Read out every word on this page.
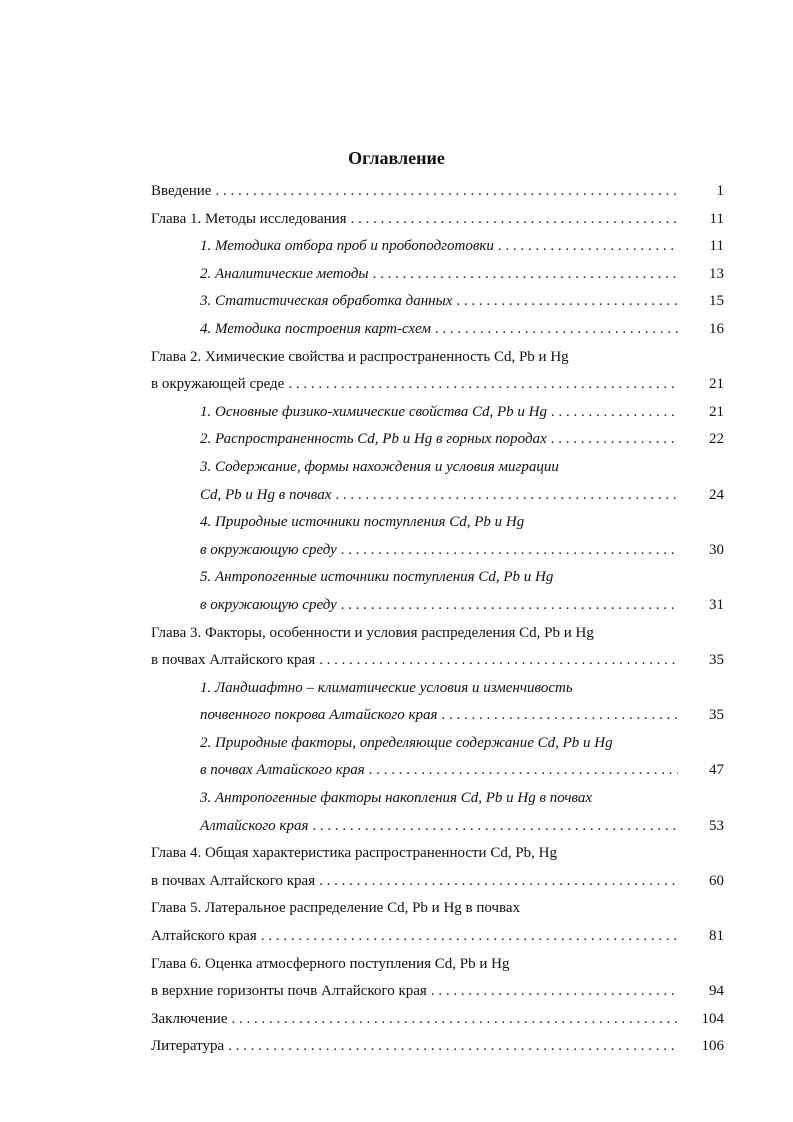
Оглавление
Введение . . .	1
Глава 1. Методы исследования . . .	11
1. Методика отбора проб и пробоподготовки . . .	11
2. Аналитические методы . . .	13
3. Статистическая обработка данных . . .	15
4. Методика построения карт-схем . . .	16
Глава 2. Химические свойства и распространенность Cd, Pb и Hg
в окружающей среде . . .	21
1. Основные физико-химические свойства Cd, Pb и Hg . . .	21
2. Распространенность Cd, Pb и Hg в горных породах . . .	22
3. Содержание, формы нахождения и условия миграции
Cd, Pb и Hg в почвах . . .	24
4. Природные источники поступления Cd, Pb и Hg
в окружающую среду . . .	30
5. Антропогенные источники поступления Cd, Pb и Hg
в окружающую среду . . .	31
Глава 3. Факторы, особенности и условия распределения Cd, Pb и Hg
в почвах Алтайского края . . .	35
1. Ландшафтно – климатические условия и изменчивость
почвенного покрова Алтайского края . . .	35
2. Природные факторы, определяющие содержание Cd, Pb и Hg
в почвах Алтайского края . . .	47
3. Антропогенные факторы накопления Cd, Pb и Hg в почвах
Алтайского края . . .	53
Глава 4. Общая характеристика распространенности Cd, Pb, Hg
в почвах Алтайского края . . .	60
Глава 5. Латеральное распределение Cd, Pb и Hg в почвах
Алтайского края . . .	81
Глава 6. Оценка атмосферного поступления Cd, Pb и Hg
в верхние горизонты почв Алтайского края . . .	94
Заключение . . .	104
Литература . . .	106
